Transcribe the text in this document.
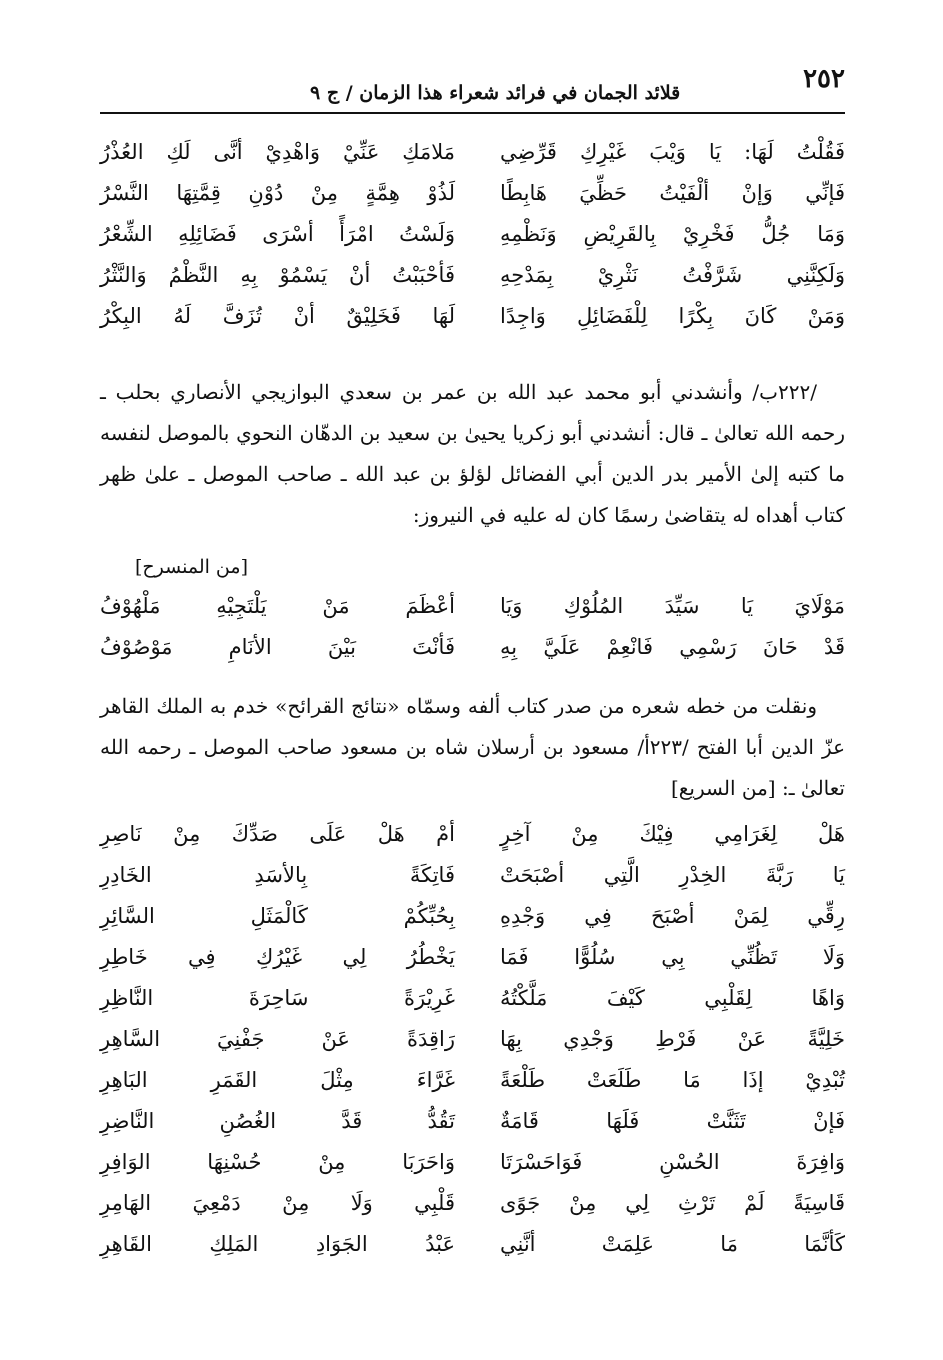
٢٥٢
قلائد الجمان في فرائد شعراء هذا الزمان / ج ٩
فَقُلْتُ لَهَا: يَا وَيْبَ غَيْرِكِ قَرِّضِي
مَلامَكِ عَنِّيْ وَاهْدِيْ أنَّى لَكِ العُذْرُ
فَإنِّي وَإنْ ألْفَيْتُ حَظِّيَ هَابِطًا
لَذُوْ هِمَّةٍ مِنْ دُوْنِ قِمَّتِهَا النَّسْرُ
وَمَا جُلُّ فَخْرِيْ بِالقَرِيْضِ وَنَظْمِهِ
وَلَسْتُ امْرَأً أسْرَى فَضَائِلِهِ الشِّعْرُ
وَلَكِنَّنِي شَرَّفْتُ نَثْرِيْ بِمَدْحِهِ
فَأحْبَبْتُ أنْ يَسْمُوْ بِهِ النَّظْمُ وَالنَّثْرُ
وَمَنْ كَانَ بِكْرًا لِلْفَضَائِلِ وَاجِدًا
لَهَا فَخَلِيْقٌ أنْ تُزَفَّ لَهُ البِكْرُ
/٢٢٢ب/ وأنشدني أبو محمد عبد الله بن عمر بن سعدي البوازيجي الأنصاري بحلب ـ رحمه الله تعالىٰ ـ قال: أنشدني أبو زكريا يحيىٰ بن سعيد بن الدهّان النحوي بالموصل لنفسه ما كتبه إلىٰ الأمير بدر الدين أبي الفضائل لؤلؤ بن عبد الله ـ صاحب الموصل ـ علىٰ ظهر كتاب أهداه له يتقاضىٰ رسمًا كان له عليه في النيروز:
[من المنسرح]
مَوْلَايَ يَا سَيِّدَ المُلُوْكِ وَيَا
أعْظَمَ مَنْ يَلْتَجِيْهِ مَلْهُوْفُ
قَدْ حَانَ رَسْمِي فَانْعِمْ عَلَيَّ بِهِ
فَأنْتَ بَيْنَ الأنَامِ مَوْصُوْفُ
ونقلت من خطه شعره من صدر كتاب ألفه وسمّاه «نتائج القرائح» خدم به الملك القاهر عزّ الدين أبا الفتح /٢٢٣أ/ مسعود بن أرسلان شاه بن مسعود صاحب الموصل ـ رحمه الله تعالىٰ ـ: [من السريع]
هَلْ لِغَرَامِي فِيْكَ مِنْ آخِرٍ
أمْ هَلْ عَلَى صَدِّكَ مِنْ نَاصِرِ
يَا رَبَّةَ الخِدْرِ الَّتِي أصْبَحَتْ
فَاتِكَةً بِالأسَدِ الخَادِرِ
رِقِّي لِمَنْ أصْبَحَ فِي وَجْدِهِ
بِحُبِّكُمْ كَالْمَثَلِ السَّائِرِ
وَلَا تَظُنِّي بِي سُلُوًّا فَمَا
يَخْطُرُ لِي غَيْرُكِ فِي خَاطِرِ
وَاهًا لِقَلْبِي كَيْفَ مَلَّكْتُهُ
غَرِيْرَةً سَاحِرَةَ النَّاظِرِ
خَلِيَّةً عَنْ فَرْطِ وَجْدِي بِهَا
رَاقِدَةً عَنْ جَفْنِيَ السَّاهِرِ
تُبْدِيْ إذَا مَا طَلَعَتْ طَلْعَةً
غَرَّاءَ مِثْلَ القَمَرِ البَاهِرِ
فَإنْ تَثَنَّتْ فَلَهَا قَامَةٌ
تَقُدُّ قَدَّ الغُصُنِ النَّاضِرِ
وَافِرَةَ الحُسْنِ فَوَاحَسْرَتَا
وَاحَرَبَا مِنْ حُسْنِهَا الوَافِرِ
قَاسِيَةً لَمْ تَرْثِ لِي مِنْ جَوًى
قَلْبِي وَلَا مِنْ دَمْعِيَ الهَامِرِ
كَأنَّمَا مَا عَلِمَتْ أنَّنِي
عَبْدُ الجَوَادِ المَلِكِ القَاهِرِ
